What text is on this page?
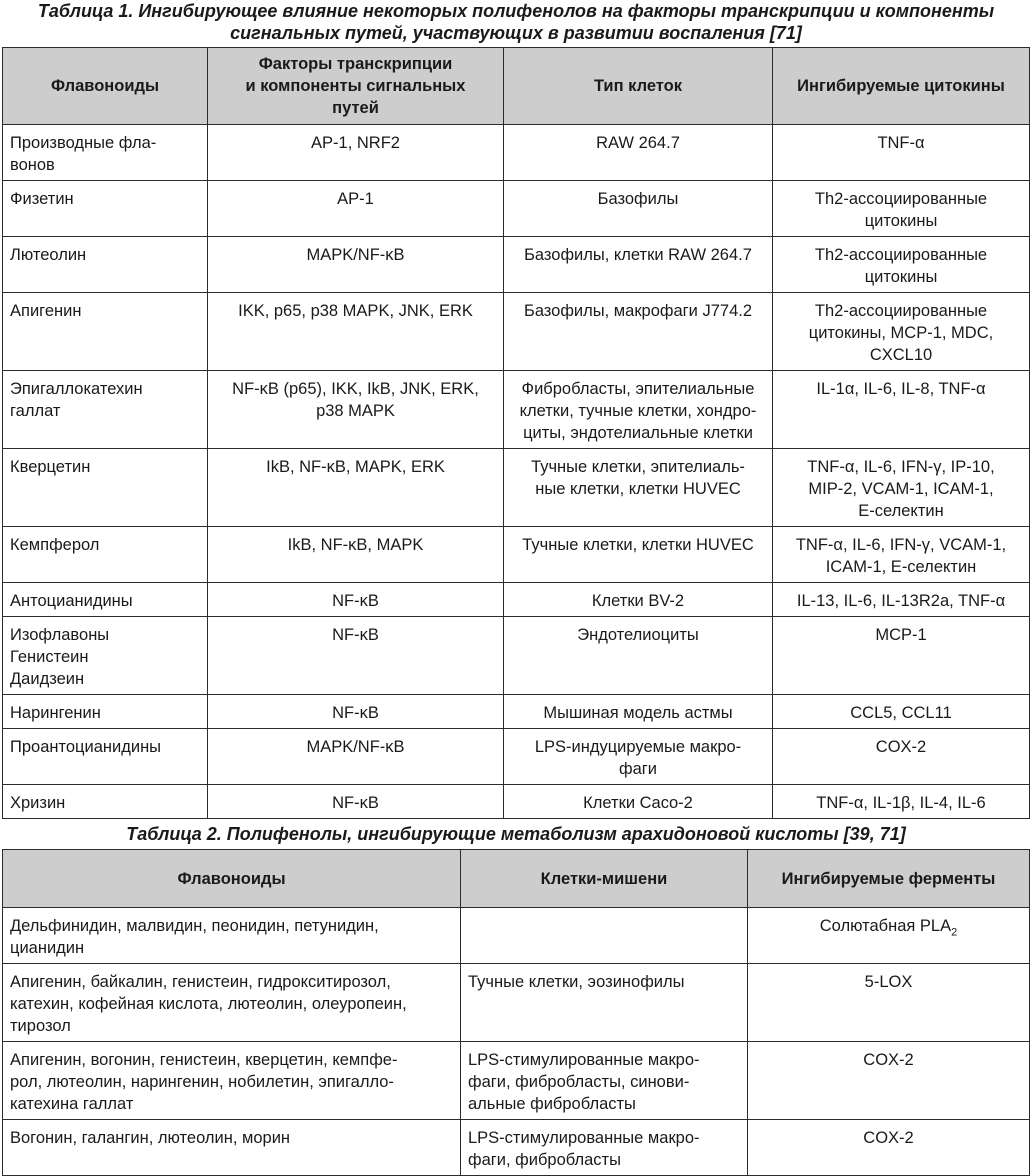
Таблица 1. Ингибирующее влияние некоторых полифенолов на факторы транскрипции и компоненты
сигнальных путей, участвующих в развитии воспаления [71]
Флавоноиды	Факторы транскрипции
и компоненты сигнальных
путей	Тип клеток	Ингибируемые цитокины

Производные фла-
вонов	AP-1, NRF2	RAW 264.7	TNF-α

Физетин	AP-1	Базофилы	Th2-ассоциированные
цитокины

Лютеолин	MAPK/NF-κB	Базофилы, клетки RAW 264.7	Th2-ассоциированные
цитокины

Апигенин	IKK, p65, p38 MAPK, JNK, ERK	Базофилы, макрофаги J774.2	Th2-ассоциированные
цитокины, MCP-1, MDC,
CXCL10

Эпигаллокатехин
галлат	NF-κB (p65), IKK, IkB, JNK, ERK,
p38 MAPK	Фибробласты, эпителиальные
клетки, тучные клетки, хондро-
циты, эндотелиальные клетки	IL-1α, IL-6, IL-8, TNF-α

Кверцетин	IkB, NF-κB, MAPK, ERK	Тучные клетки, эпителиаль-
ные клетки, клетки HUVEC	TNF-α, IL-6, IFN-γ, IP-10,
MIP-2, VCAM-1, ICAM-1,
E-селектин

Кемпферол	IkB, NF-κB, MAPK	Тучные клетки, клетки HUVEC	TNF-α, IL-6, IFN-γ, VCAM-1,
ICAM-1, E-селектин

Антоцианидины	NF-κB	Клетки BV-2	IL-13, IL-6, IL-13R2a, TNF-α

Изофлавоны
Генистеин
Даидзеин	NF-κB	Эндотелиоциты	MCP-1

Нарингенин	NF-κB	Мышиная модель астмы	CCL5, CCL11

Проантоцианидины	MAPK/NF-κB	LPS-индуцируемые макро-
фаги	COX-2

Хризин	NF-κB	Клетки Caco-2	TNF-α, IL-1β, IL-4, IL-6
Таблица 2. Полифенолы, ингибирующие метаболизм арахидоновой кислоты [39, 71]
Флавоноиды	Клетки-мишени	Ингибируемые ферменты

Дельфинидин, малвидин, пеонидин, петунидин,
цианидин		Солютабная $PLA_2$

Апигенин, байкалин, генистеин, гидрокситирозол,
катехин, кофейная кислота, лютеолин, олеуропеин,
тирозол	Тучные клетки, эозинофилы	5-LOX

Апигенин, вогонин, генистеин, кверцетин, кемпфе-
рол, лютеолин, нарингенин, нобилетин, эпигалло-
катехина галлат	LPS-стимулированные макро-
фаги, фибробласты, синови-
альные фибробласты	COX-2

Вогонин, галангин, лютеолин, морин	LPS-стимулированные макро-
фаги, фибробласты	COX-2
